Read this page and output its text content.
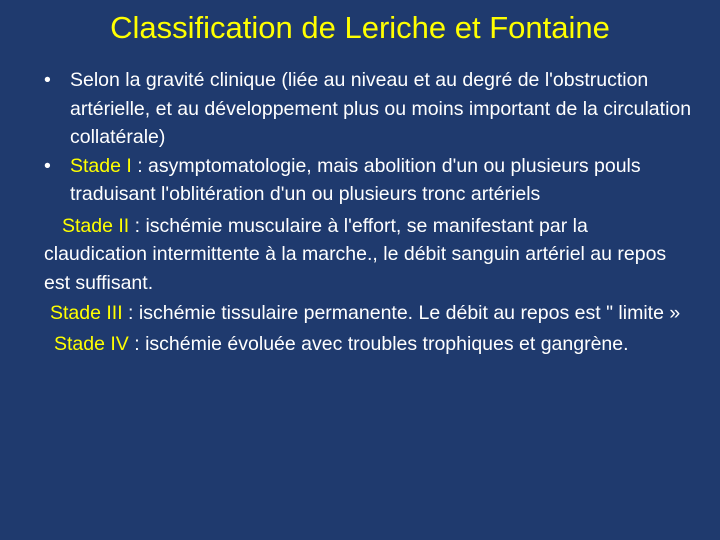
Classification de Leriche et Fontaine

• Selon la gravité clinique (liée au niveau et au degré de l'obstruction artérielle, et au développement plus ou moins important de la circulation collatérale)

• Stade I : asymptomatologie, mais abolition d'un ou plusieurs pouls traduisant l'oblitération d'un ou plusieurs tronc artériels

Stade II : ischémie musculaire à l'effort, se manifestant par la claudication intermittente à la marche., le débit sanguin artériel au repos est suffisant.

Stade III : ischémie tissulaire permanente. Le débit au repos est " limite »

Stade IV : ischémie évoluée avec troubles trophiques et gangrène.
